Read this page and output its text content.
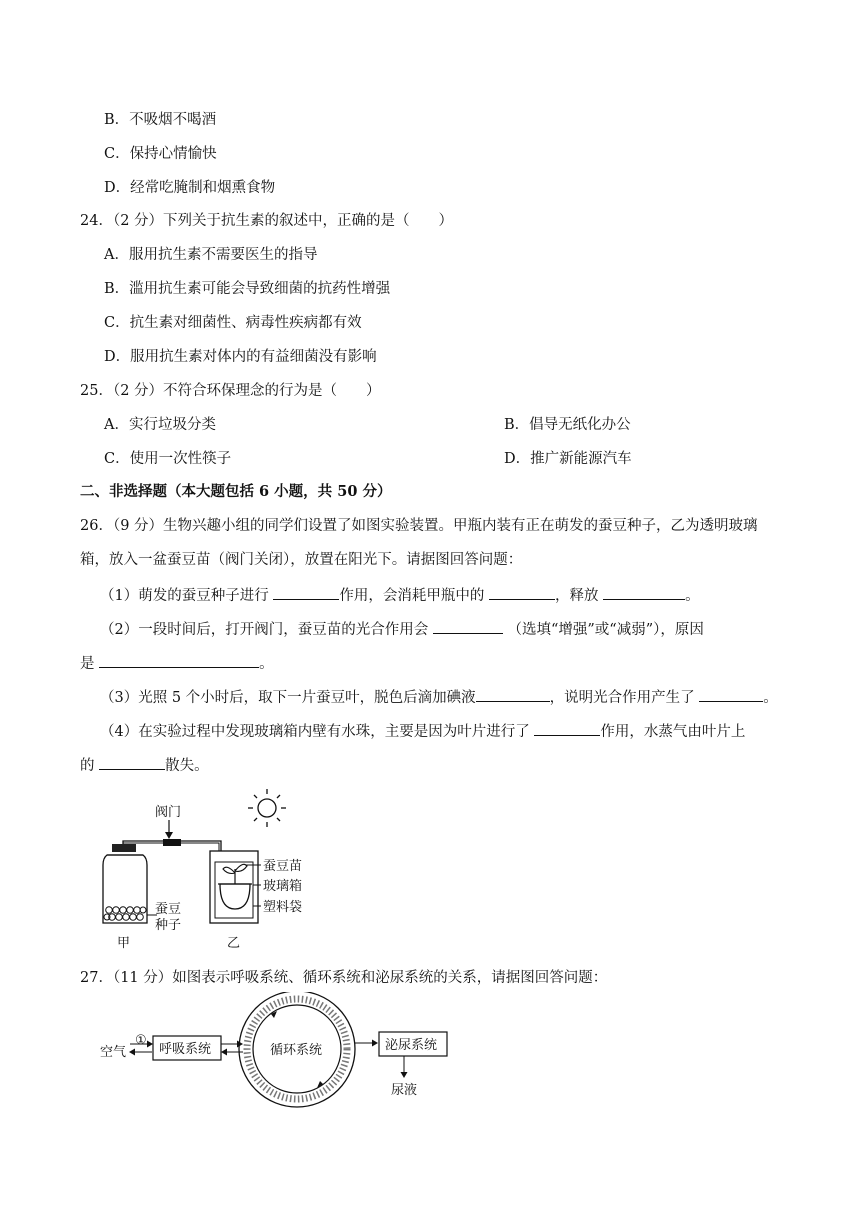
B．不吸烟不喝酒
C．保持心情愉快
D．经常吃腌制和烟熏食物
24．（2 分）下列关于抗生素的叙述中，正确的是（　　）
A．服用抗生素不需要医生的指导
B．滥用抗生素可能会导致细菌的抗药性增强
C．抗生素对细菌性、病毒性疾病都有效
D．服用抗生素对体内的有益细菌没有影响
25．（2 分）不符合环保理念的行为是（　　）
A．实行垃圾分类	B．倡导无纸化办公
C．使用一次性筷子	D．推广新能源汽车
二、非选择题（本大题包括 6 小题，共 50 分）
26．（9 分）生物兴趣小组的同学们设置了如图实验装置。甲瓶内装有正在萌发的蚕豆种子，乙为透明玻璃
箱，放入一盆蚕豆苗（阀门关闭），放置在阳光下。请据图回答问题：
（1）萌发的蚕豆种子进行	作用，会消耗甲瓶中的	，释放	。
（2）一段时间后，打开阀门，蚕豆苗的光合作用会	（选填“增强”或“减弱”），原因
是	。
（3）光照 5 个小时后，取下一片蚕豆叶，脱色后滴加碘液	，说明光合作用产生了	。
（4）在实验过程中发现玻璃箱内壁有水珠，主要是因为叶片进行了	作用，水蒸气由叶片上
的	散失。
阀门
蚕豆
种子
甲
蚕豆苗
玻璃箱
塑料袋
乙
27．（11 分）如图表示呼吸系统、循环系统和泌尿系统的关系，请据图回答问题：
空气
①
呼吸系统	循环系统	泌尿系统
尿液
